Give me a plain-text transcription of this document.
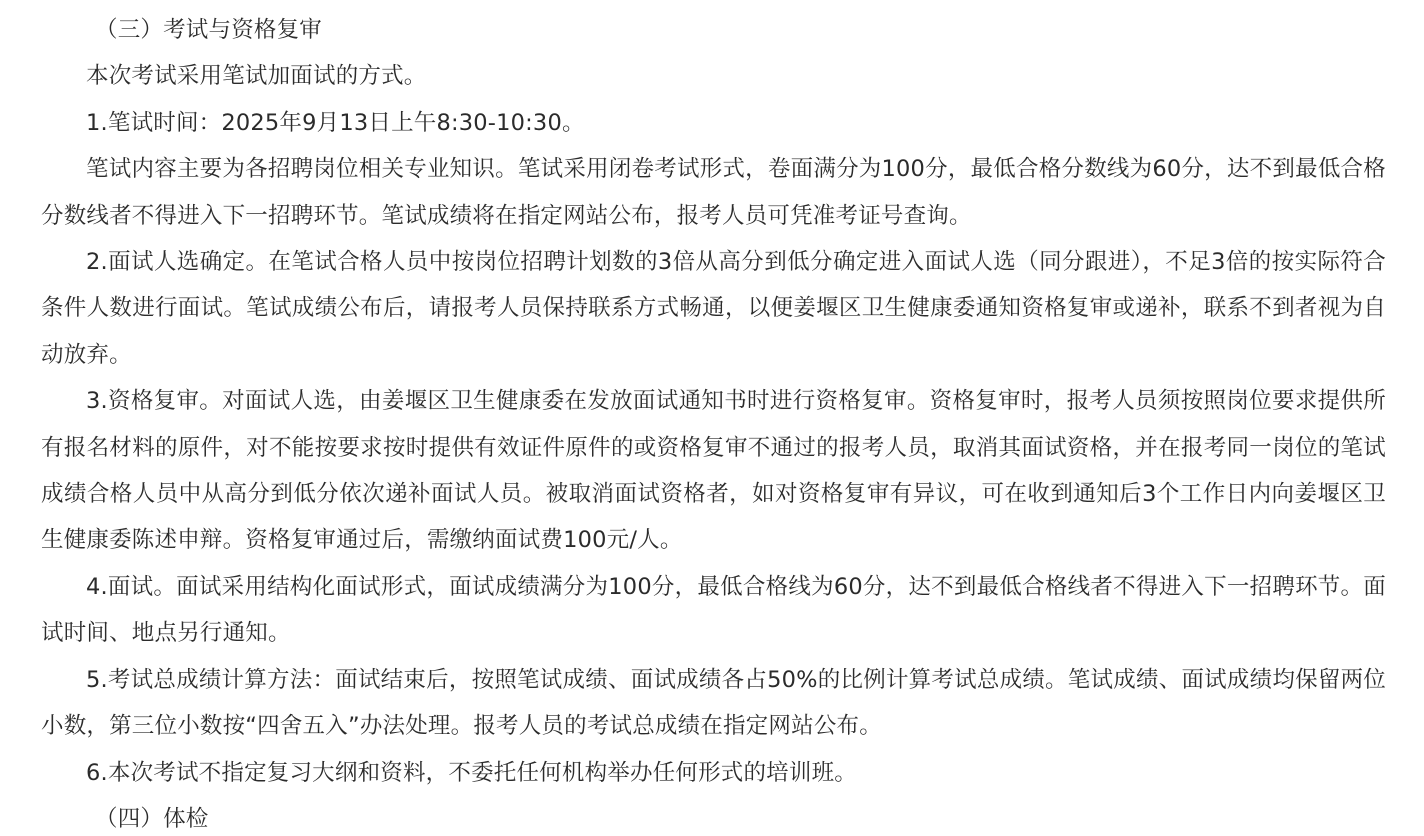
（三）考试与资格复审

本次考试采用笔试加面试的方式。

1.笔试时间：2025年9月13日上午8:30-10:30。

笔试内容主要为各招聘岗位相关专业知识。笔试采用闭卷考试形式，卷面满分为100分，最低合格分数线为60分，达不到最低合格分数线者不得进入下一招聘环节。笔试成绩将在指定网站公布，报考人员可凭准考证号查询。

2.面试人选确定。在笔试合格人员中按岗位招聘计划数的3倍从高分到低分确定进入面试人选（同分跟进），不足3倍的按实际符合条件人数进行面试。笔试成绩公布后，请报考人员保持联系方式畅通，以便姜堰区卫生健康委通知资格复审或递补，联系不到者视为自动放弃。

3.资格复审。对面试人选，由姜堰区卫生健康委在发放面试通知书时进行资格复审。资格复审时，报考人员须按照岗位要求提供所有报名材料的原件，对不能按要求按时提供有效证件原件的或资格复审不通过的报考人员，取消其面试资格，并在报考同一岗位的笔试成绩合格人员中从高分到低分依次递补面试人员。被取消面试资格者，如对资格复审有异议，可在收到通知后3个工作日内向姜堰区卫生健康委陈述申辩。资格复审通过后，需缴纳面试费100元/人。

4.面试。面试采用结构化面试形式，面试成绩满分为100分，最低合格线为60分，达不到最低合格线者不得进入下一招聘环节。面试时间、地点另行通知。

5.考试总成绩计算方法：面试结束后，按照笔试成绩、面试成绩各占50%的比例计算考试总成绩。笔试成绩、面试成绩均保留两位小数，第三位小数按“四舍五入”办法处理。报考人员的考试总成绩在指定网站公布。

6.本次考试不指定复习大纲和资料，不委托任何机构举办任何形式的培训班。

（四）体检
